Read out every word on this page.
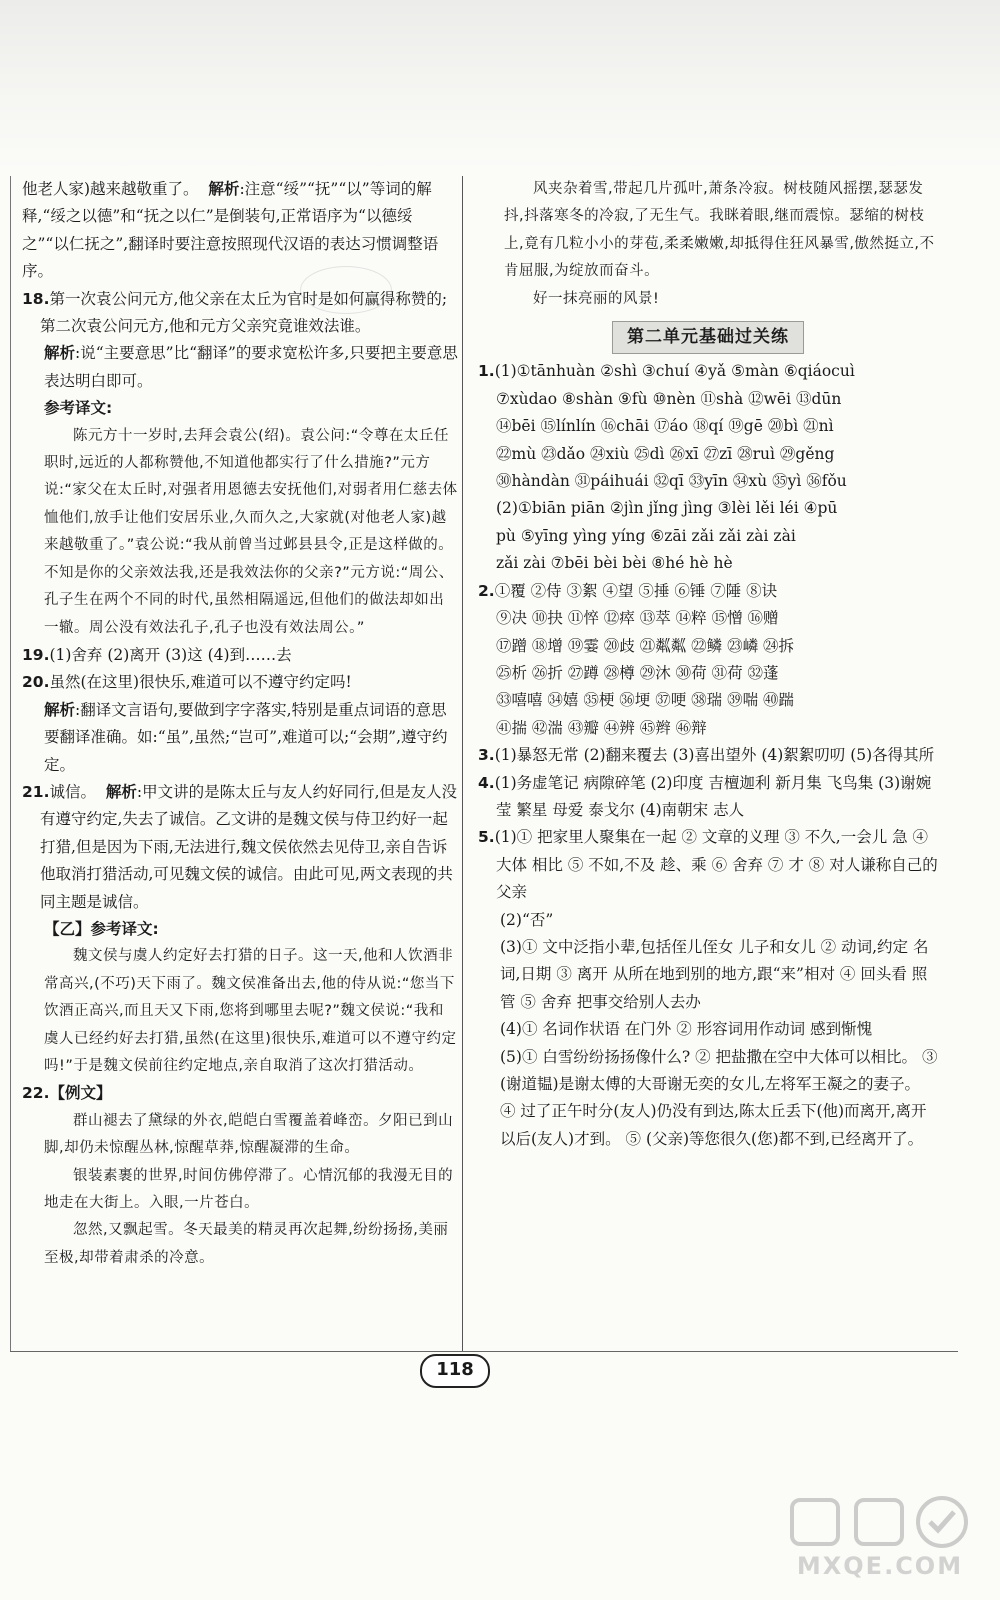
他老人家)越来越敬重了。 解析:注意“绥”“抚”“以”等词的解释,“绥之以德”和“抚之以仁”是倒装句,正常语序为“以德绥之”“以仁抚之”,翻译时要注意按照现代汉语的表达习惯调整语序。

18.第一次袁公问元方,他父亲在太丘为官时是如何赢得称赞的;第二次袁公问元方,他和元方父亲究竟谁效法谁。

解析:说“主要意思”比“翻译”的要求宽松许多,只要把主要意思表达明白即可。

参考译文:

陈元方十一岁时,去拜会袁公(绍)。袁公问:“令尊在太丘任职时,远近的人都称赞他,不知道他都实行了什么措施?”元方说:“家父在太丘时,对强者用恩德去安抚他们,对弱者用仁慈去体恤他们,放手让他们安居乐业,久而久之,大家就(对他老人家)越来越敬重了。”袁公说:“我从前曾当过邺县县令,正是这样做的。不知是你的父亲效法我,还是我效法你的父亲?”元方说:“周公、孔子生在两个不同的时代,虽然相隔遥远,但他们的做法却如出一辙。周公没有效法孔子,孔子也没有效法周公。”

19.(1)舍弃 (2)离开 (3)这 (4)到……去

20.虽然(在这里)很快乐,难道可以不遵守约定吗!

解析:翻译文言语句,要做到字字落实,特别是重点词语的意思要翻译准确。如:“虽”,虽然;“岂可”,难道可以;“会期”,遵守约定。

21.诚信。 解析:甲文讲的是陈太丘与友人约好同行,但是友人没有遵守约定,失去了诚信。乙文讲的是魏文侯与侍卫约好一起打猎,但是因为下雨,无法进行,魏文侯依然去见侍卫,亲自告诉他取消打猎活动,可见魏文侯的诚信。由此可见,两文表现的共同主题是诚信。

【乙】参考译文:

魏文侯与虞人约定好去打猎的日子。这一天,他和人饮酒非常高兴,(不巧)天下雨了。魏文侯准备出去,他的侍从说:“您当下饮酒正高兴,而且天又下雨,您将到哪里去呢?”魏文侯说:“我和虞人已经约好去打猎,虽然(在这里)很快乐,难道可以不遵守约定吗!”于是魏文侯前往约定地点,亲自取消了这次打猎活动。

22.【例文】

群山褪去了黛绿的外衣,皑皑白雪覆盖着峰峦。夕阳已到山脚,却仍未惊醒丛林,惊醒草莽,惊醒凝滞的生命。

银装素裹的世界,时间仿佛停滞了。心情沉郁的我漫无目的地走在大街上。入眼,一片苍白。

忽然,又飘起雪。冬天最美的精灵再次起舞,纷纷扬扬,美丽至极,却带着肃杀的冷意。

风夹杂着雪,带起几片孤叶,萧条冷寂。树枝随风摇摆,瑟瑟发抖,抖落寒冬的冷寂,了无生气。我眯着眼,继而震惊。瑟缩的树枝上,竟有几粒小小的芽苞,柔柔嫩嫩,却抵得住狂风暴雪,傲然挺立,不肯屈服,为绽放而奋斗。

好一抹亮丽的风景!

第二单元基础过关练
1.(1)①tānhuàn ②shì ③chuí ④yǎ ⑤màn ⑥qiáocuì
⑦xùdao ⑧shàn ⑨fù ⑩nèn ⑪shà ⑫wēi ⑬dūn
⑭bēi ⑮línlín ⑯chāi ⑰áo ⑱qí ⑲gē ⑳bì ㉑nì
㉒mù ㉓dǎo ㉔xiù ㉕dì ㉖xī ㉗zī ㉘ruì ㉙gěng
㉚hàndàn ㉛páihuái ㉜qī ㉝yīn ㉞xù ㉟yì ㊱fǒu
(2)①biān piān ②jìn jǐng jìng ③lèi lěi léi ④pū
pù ⑤yīng yìng yíng ⑥zāi zǎi zǎi zài zài
zǎi zài ⑦bēi bèi bèi ⑧hé hè hè
2.①覆 ②侍 ③絮 ④望 ⑤捶 ⑥锤 ⑦陲 ⑧诀
⑨决 ⑩抉 ⑪悴 ⑫瘁 ⑬萃 ⑭粹 ⑮憎 ⑯赠
⑰蹭 ⑱增 ⑲霎 ⑳歧 ㉑粼粼 ㉒鳞 ㉓嶙 ㉔拆
㉕析 ㉖折 ㉗蹲 ㉘樽 ㉙沐 ㉚荷 ㉛荷 ㉜蓬
㉝嘻嘻 ㉞嬉 ㉟梗 ㊱埂 ㊲哽 ㊳瑞 ㊴喘 ㊵踹
㊶揣 ㊷湍 ㊸瓣 ㊹辨 ㊺辫 ㊻辩

3.(1)暴怒无常 (2)翻来覆去 (3)喜出望外 (4)絮絮叨叨 (5)各得其所

4.(1)务虚笔记 病隙碎笔 (2)印度 吉檀迦利 新月集 飞鸟集 (3)谢婉莹 繁星 母爱 泰戈尔 (4)南朝宋 志人

5.(1)① 把家里人聚集在一起 ② 文章的义理 ③ 不久,一会儿 急 ④ 大体 相比 ⑤ 不如,不及 趁、乘 ⑥ 舍弃 ⑦ 才 ⑧ 对人谦称自己的父亲

(2)“否”

(3)① 文中泛指小辈,包括侄儿侄女 儿子和女儿 ② 动词,约定 名词,日期 ③ 离开 从所在地到别的地方,跟“来”相对 ④ 回头看 照管 ⑤ 舍弃 把事交给别人去办

(4)① 名词作状语 在门外 ② 形容词用作动词 感到惭愧

(5)① 白雪纷纷扬扬像什么? ② 把盐撒在空中大体可以相比。 ③ (谢道韫)是谢太傅的大哥谢无奕的女儿,左将军王凝之的妻子。 ④ 过了正午时分(友人)仍没有到达,陈太丘丢下(他)而离开,离开以后(友人)才到。 ⑤ (父亲)等您很久(您)都不到,已经离开了。

118
MXQE.COM
